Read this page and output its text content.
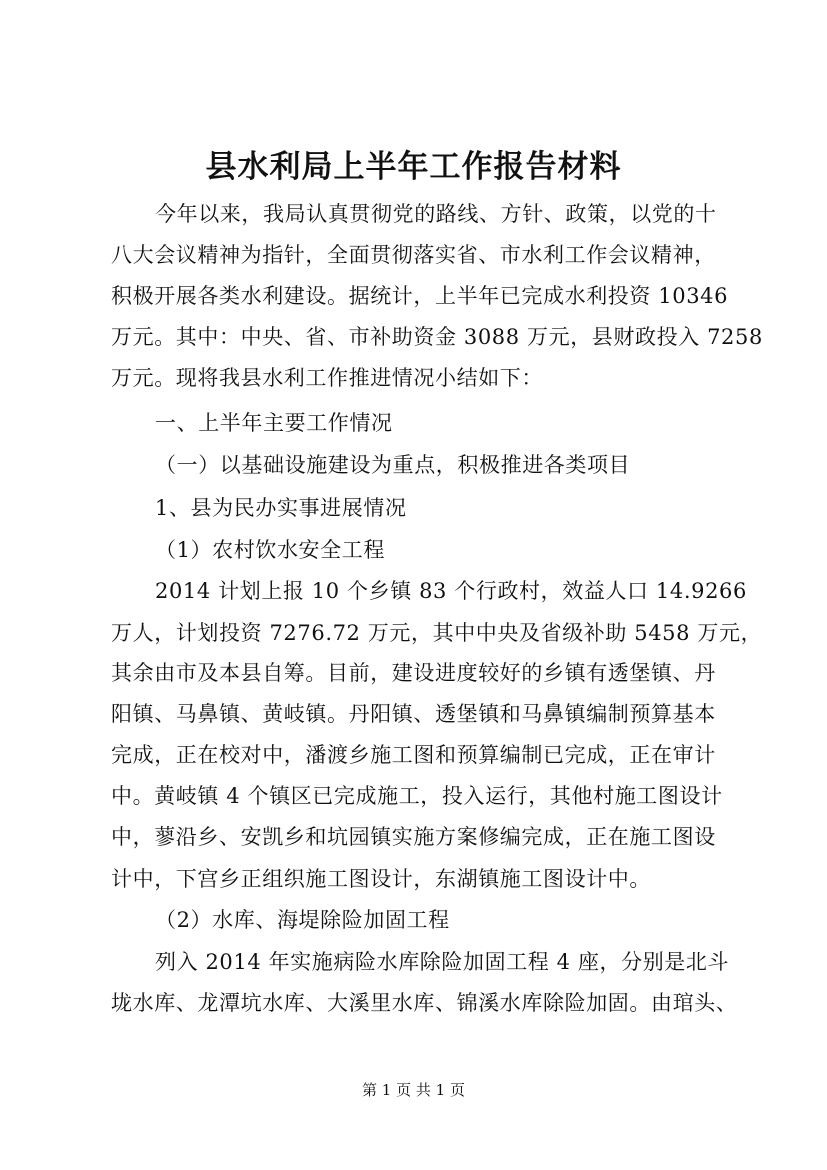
县水利局上半年工作报告材料
今年以来，我局认真贯彻党的路线、方针、政策，以党的十
八大会议精神为指针，全面贯彻落实省、市水利工作会议精神，
积极开展各类水利建设。据统计，上半年已完成水利投资 10346
万元。其中：中央、省、市补助资金 3088 万元，县财政投入 7258
万元。现将我县水利工作推进情况小结如下：
一、上半年主要工作情况
（一）以基础设施建设为重点，积极推进各类项目
1、县为民办实事进展情况
（1）农村饮水安全工程
2014 计划上报 10 个乡镇 83 个行政村，效益人口 14.9266
万人，计划投资 7276.72 万元，其中中央及省级补助 5458 万元，
其余由市及本县自筹。目前，建设进度较好的乡镇有透堡镇、丹
阳镇、马鼻镇、黄岐镇。丹阳镇、透堡镇和马鼻镇编制预算基本
完成，正在校对中，潘渡乡施工图和预算编制已完成，正在审计
中。黄岐镇 4 个镇区已完成施工，投入运行，其他村施工图设计
中，蓼沿乡、安凯乡和坑园镇实施方案修编完成，正在施工图设
计中，下宫乡正组织施工图设计，东湖镇施工图设计中。
（2）水库、海堤除险加固工程
列入 2014 年实施病险水库除险加固工程 4 座，分别是北斗
垅水库、龙潭坑水库、大溪里水库、锦溪水库除险加固。由琯头、
第 1 页 共 1 页
